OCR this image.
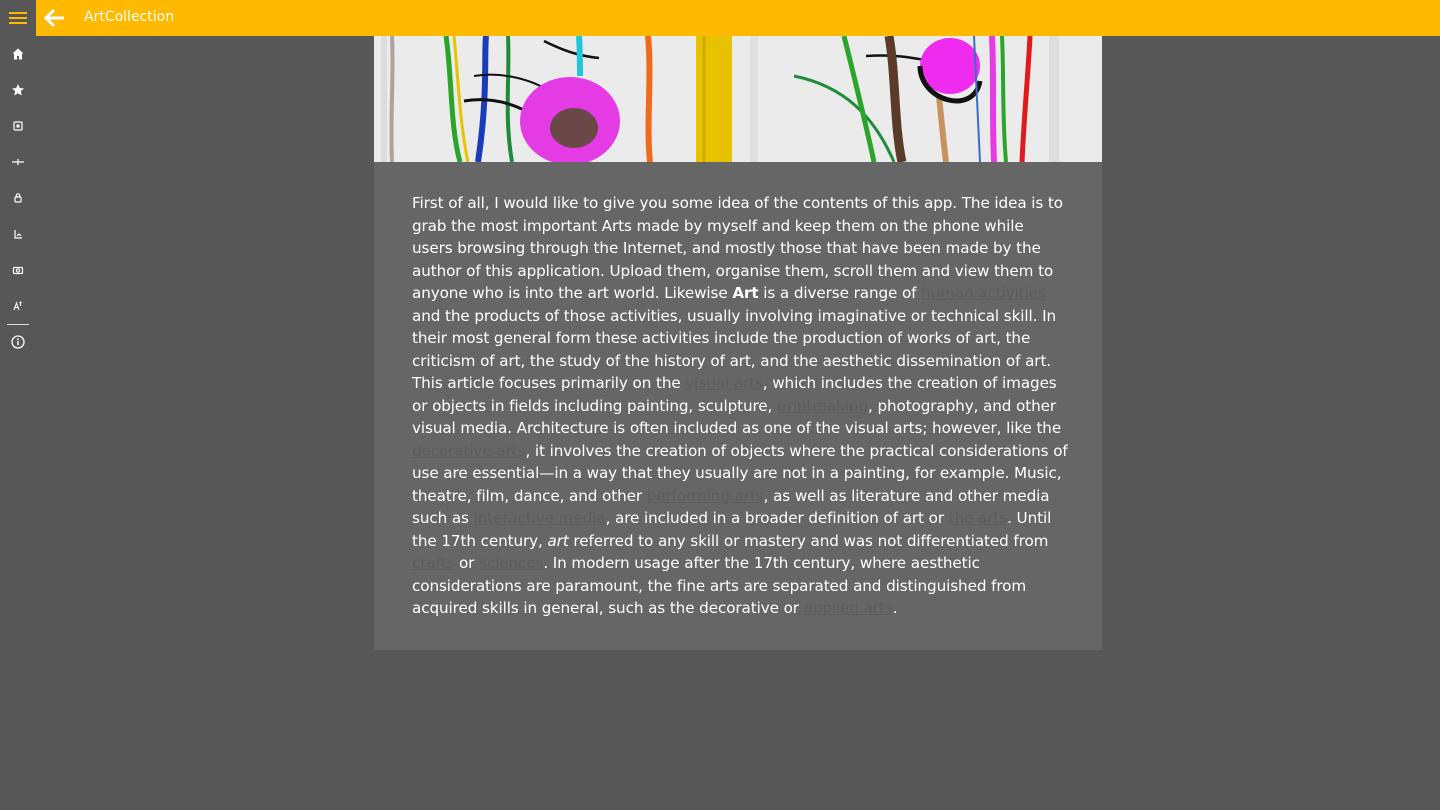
ArtCollection

First of all, I would like to give you some idea of the contents of this app. The idea is to grab the most important Arts made by myself and keep them on the phone while users browsing through the Internet, and mostly those that have been made by the author of this application. Upload them, organise them, scroll them and view them to anyone who is into the art world. Likewise Art is a diverse range of human activities and the products of those activities, usually involving imaginative or technical skill. In their most general form these activities include the production of works of art, the criticism of art, the study of the history of art, and the aesthetic dissemination of art. This article focuses primarily on the visual arts, which includes the creation of images or objects in fields including painting, sculpture, printmaking, photography, and other visual media. Architecture is often included as one of the visual arts; however, like the decorative arts, it involves the creation of objects where the practical considerations of use are essential—in a way that they usually are not in a painting, for example. Music, theatre, film, dance, and other performing arts, as well as literature and other media such as interactive media, are included in a broader definition of art or the arts. Until the 17th century, art referred to any skill or mastery and was not differentiated from crafts or sciences. In modern usage after the 17th century, where aesthetic considerations are paramount, the fine arts are separated and distinguished from acquired skills in general, such as the decorative or applied arts.
